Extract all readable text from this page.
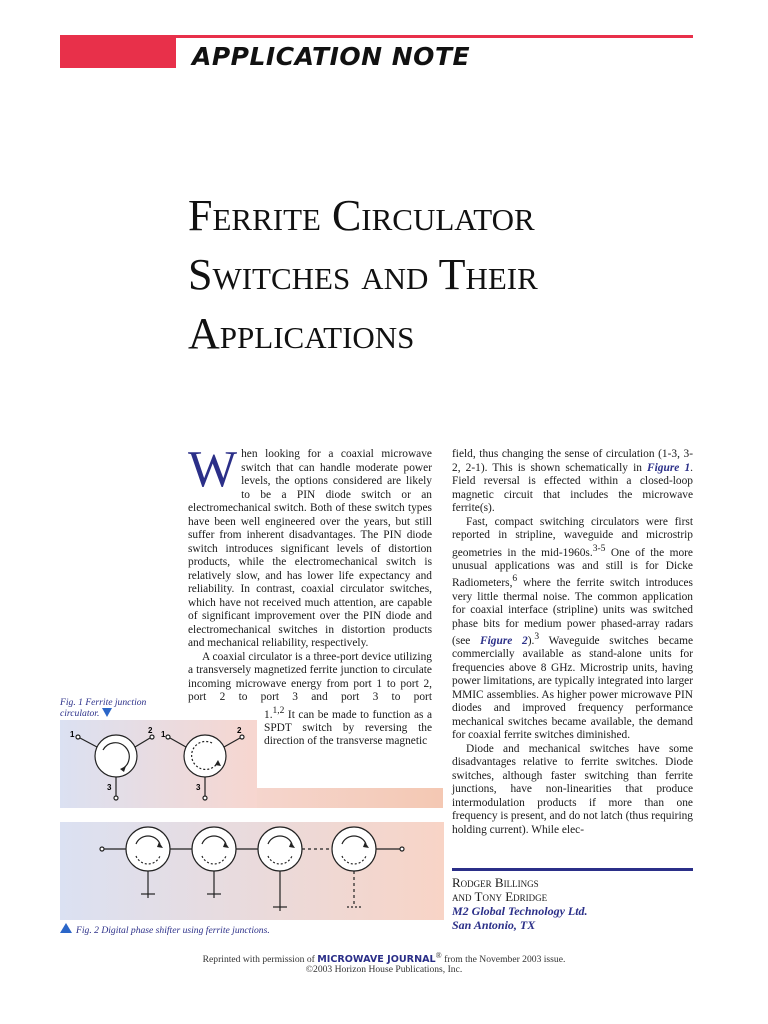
APPLICATION NOTE
Ferrite Circulator
Switches and Their
Applications

When looking for a coaxial microwave switch that can handle moderate power levels, the options considered are likely to be a PIN diode switch or an electromechanical switch. Both of these switch types have been well engineered over the years, but still suffer from inherent disadvantages. The PIN diode switch introduces significant levels of distortion products, while the electromechanical switch is relatively slow, and has lower life expectancy and reliability. In contrast, coaxial circulator switches, which have not received much attention, are capable of significant improvement over the PIN diode and electromechanical switches in distortion products and mechanical reliability, respectively.

A coaxial circulator is a three-port device utilizing a transversely magnetized ferrite junction to circulate incoming microwave energy from port 1 to port 2, port 2 to port 3 and port 3 to port 1.
$^{1,2}$ It can be made to function as a SPDT switch by reversing the direction of the transverse magnetic

field, thus changing the sense of circulation (1-3, 3-2, 2-1). This is shown schematically in Figure 1. Field reversal is effected within a closed-loop magnetic circuit that includes the microwave ferrite(s).

Fast, compact switching circulators were first reported in stripline, waveguide and microstrip geometries in the mid-1960s.$^{3-5}$ One of the more unusual applications was and still is for Dicke Radiometers,$^6$ where the ferrite switch introduces very little thermal noise. The common application for coaxial interface (stripline) units was switched phase bits for medium power phased-array radars (see Figure 2).$^3$ Waveguide switches became commercially available as stand-alone units for frequencies above 8 GHz. Microstrip units, having power limitations, are typically integrated into larger MMIC assemblies. As higher power microwave PIN diodes and improved frequency performance mechanical switches became available, the demand for coaxial ferrite switches diminished.

Diode and mechanical switches have some disadvantages relative to ferrite switches. Diode switches, although faster switching than ferrite junctions, have non-linearities that produce intermodulation products if more than one frequency is present, and do not latch (thus requiring holding current). While elec-

Fig. 1 Ferrite junction circulator.
1	2
3
1	2
3
Fig. 2 Digital phase shifter using ferrite junctions.
Rodger Billings
and Tony Edridge
M2 Global Technology Ltd.
San Antonio, TX
Reprinted with permission of MICROWAVE JOURNAL® from the November 2003 issue.
©2003 Horizon House Publications, Inc.
